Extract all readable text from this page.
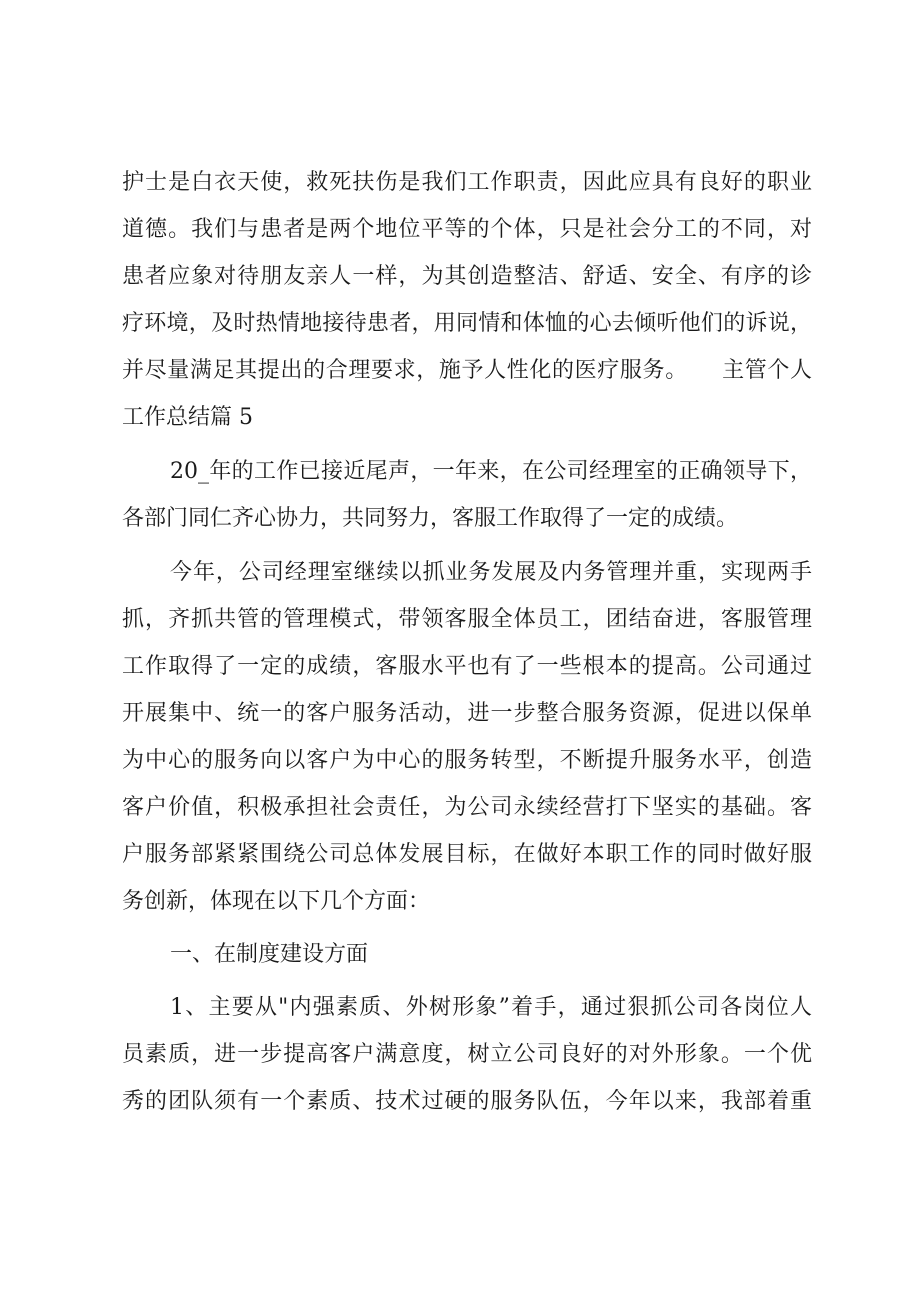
护士是白衣天使，救死扶伤是我们工作职责，因此应具有良好的职业
道德。我们与患者是两个地位平等的个体，只是社会分工的不同，对
患者应象对待朋友亲人一样，为其创造整洁、舒适、安全、有序的诊
疗环境，及时热情地接待患者，用同情和体恤的心去倾听他们的诉说，
并尽量满足其提出的合理要求，施予人性化的医疗服务。　　主管个人
工作总结篇 5
20_年的工作已接近尾声，一年来，在公司经理室的正确领导下，
各部门同仁齐心协力，共同努力，客服工作取得了一定的成绩。
今年，公司经理室继续以抓业务发展及内务管理并重，实现两手
抓，齐抓共管的管理模式，带领客服全体员工，团结奋进，客服管理
工作取得了一定的成绩，客服水平也有了一些根本的提高。公司通过
开展集中、统一的客户服务活动，进一步整合服务资源，促进以保单
为中心的服务向以客户为中心的服务转型，不断提升服务水平，创造
客户价值，积极承担社会责任，为公司永续经营打下坚实的基础。客
户服务部紧紧围绕公司总体发展目标，在做好本职工作的同时做好服
务创新，体现在以下几个方面：
一、在制度建设方面
1、主要从"内强素质、外树形象”着手，通过狠抓公司各岗位人
员素质，进一步提高客户满意度，树立公司良好的对外形象。一个优
秀的团队须有一个素质、技术过硬的服务队伍，今年以来，我部着重
